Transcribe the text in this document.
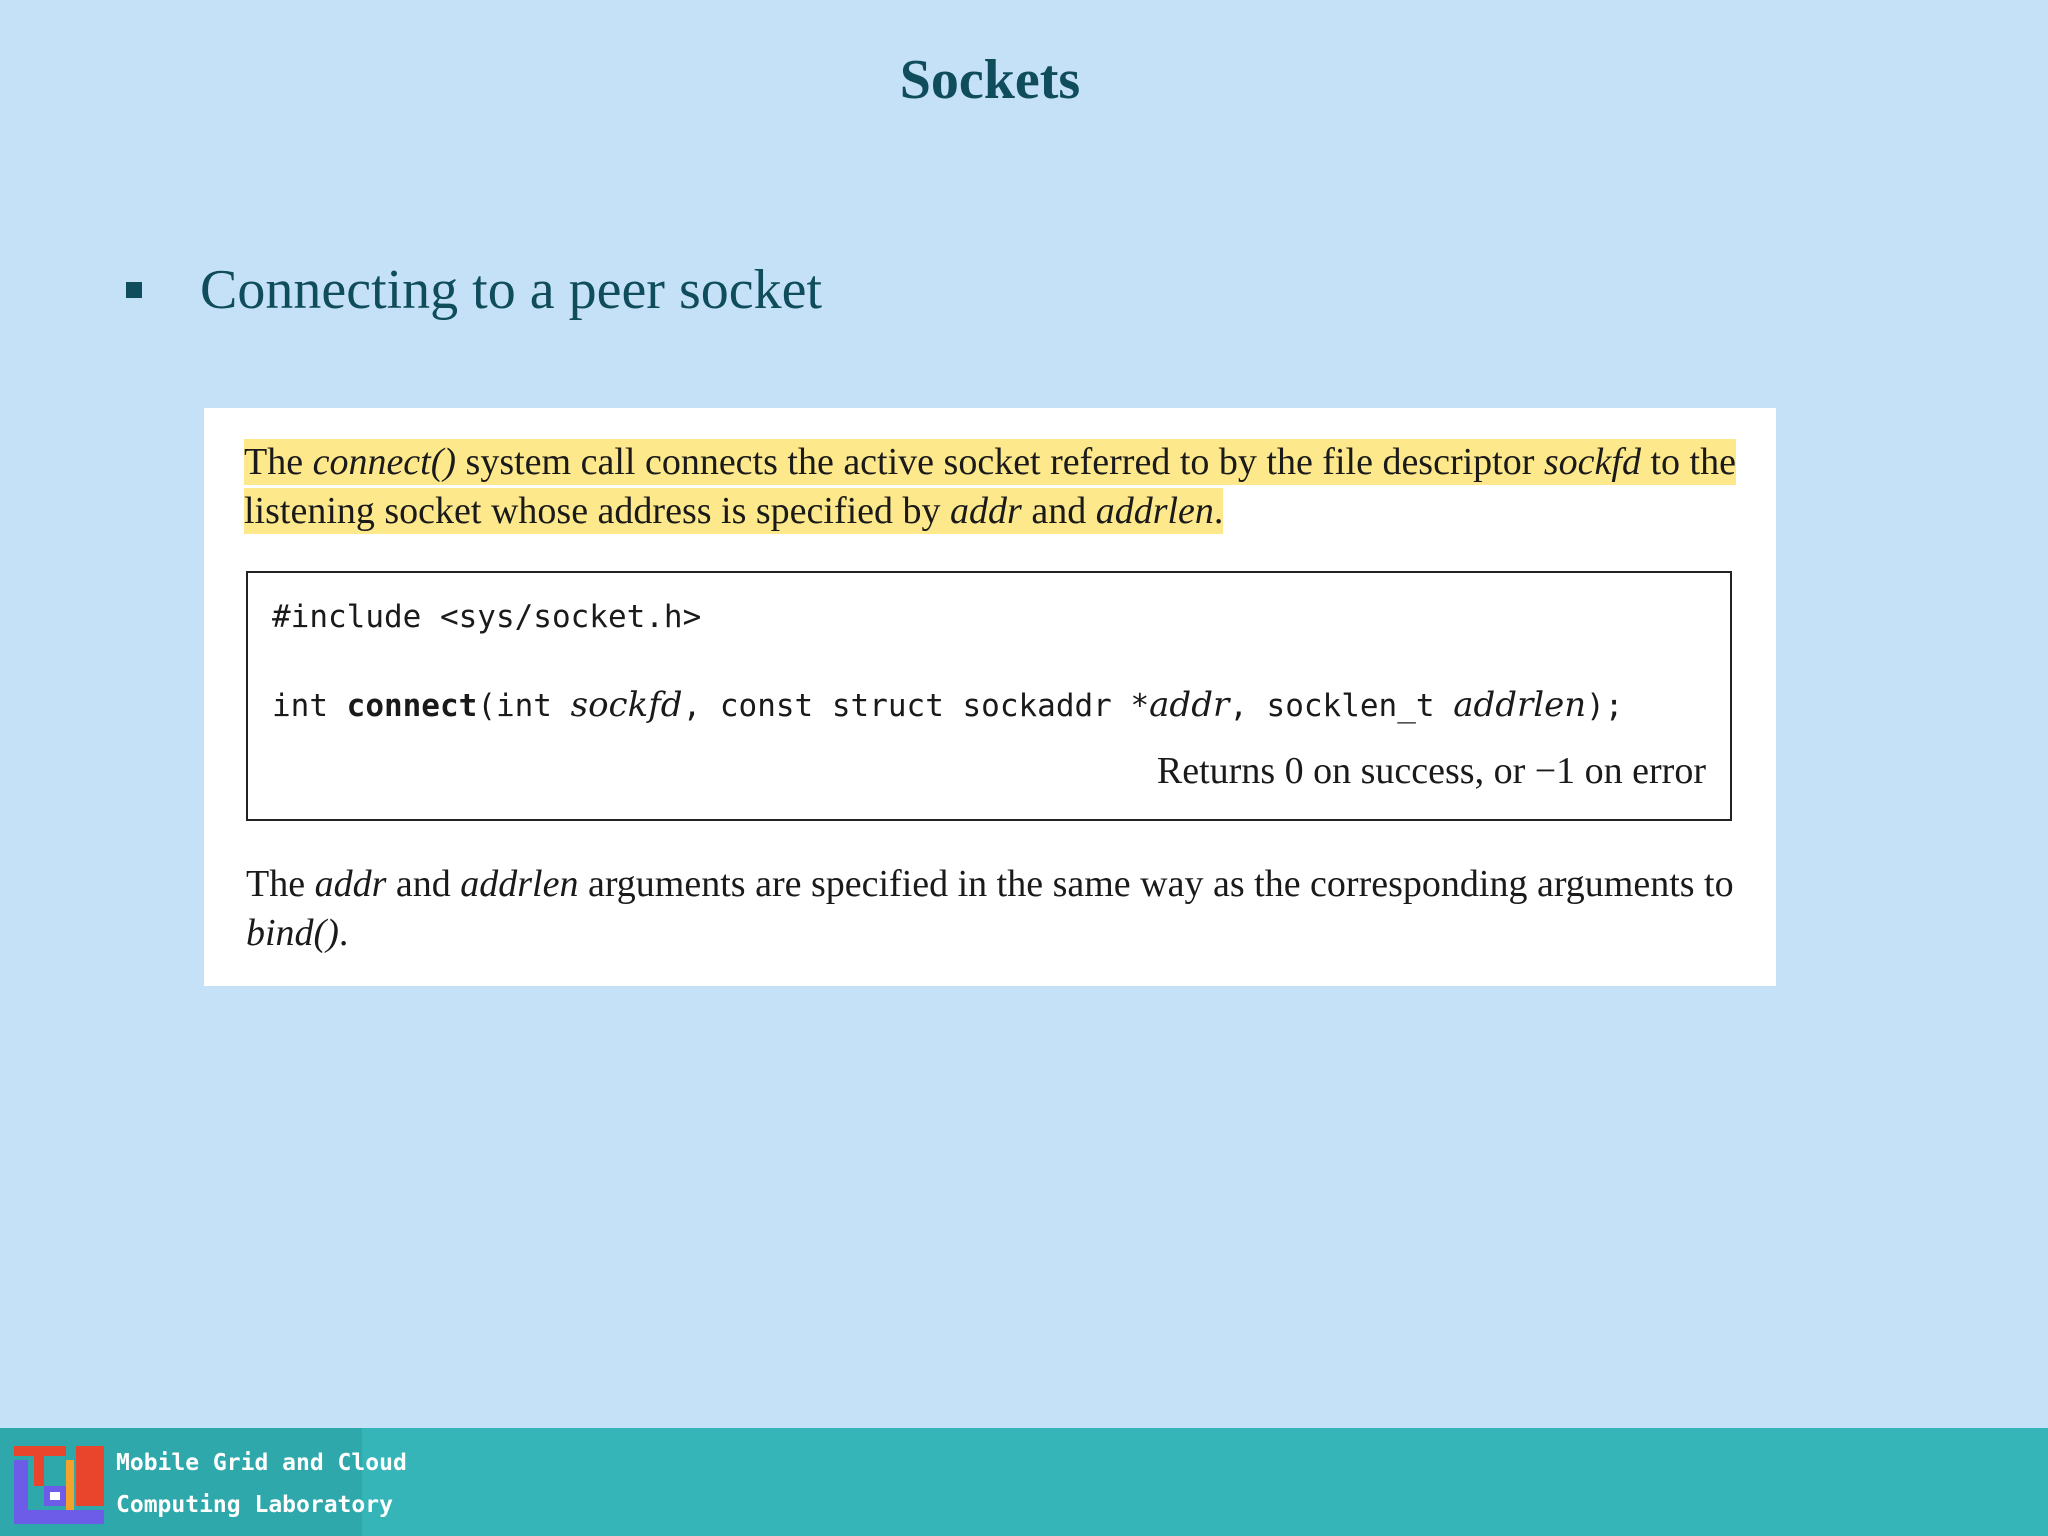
Sockets
Connecting to a peer socket

The connect() system call connects the active socket referred to by the file descriptor sockfd to the listening socket whose address is specified by addr and addrlen.

#include <sys/socket.h>
int connect(int sockfd, const struct sockaddr *addr, socklen_t addrlen);
Returns 0 on success, or −1 on error

The addr and addrlen arguments are specified in the same way as the corresponding arguments to bind().

Mobile Grid and Cloud
Computing Laboratory
